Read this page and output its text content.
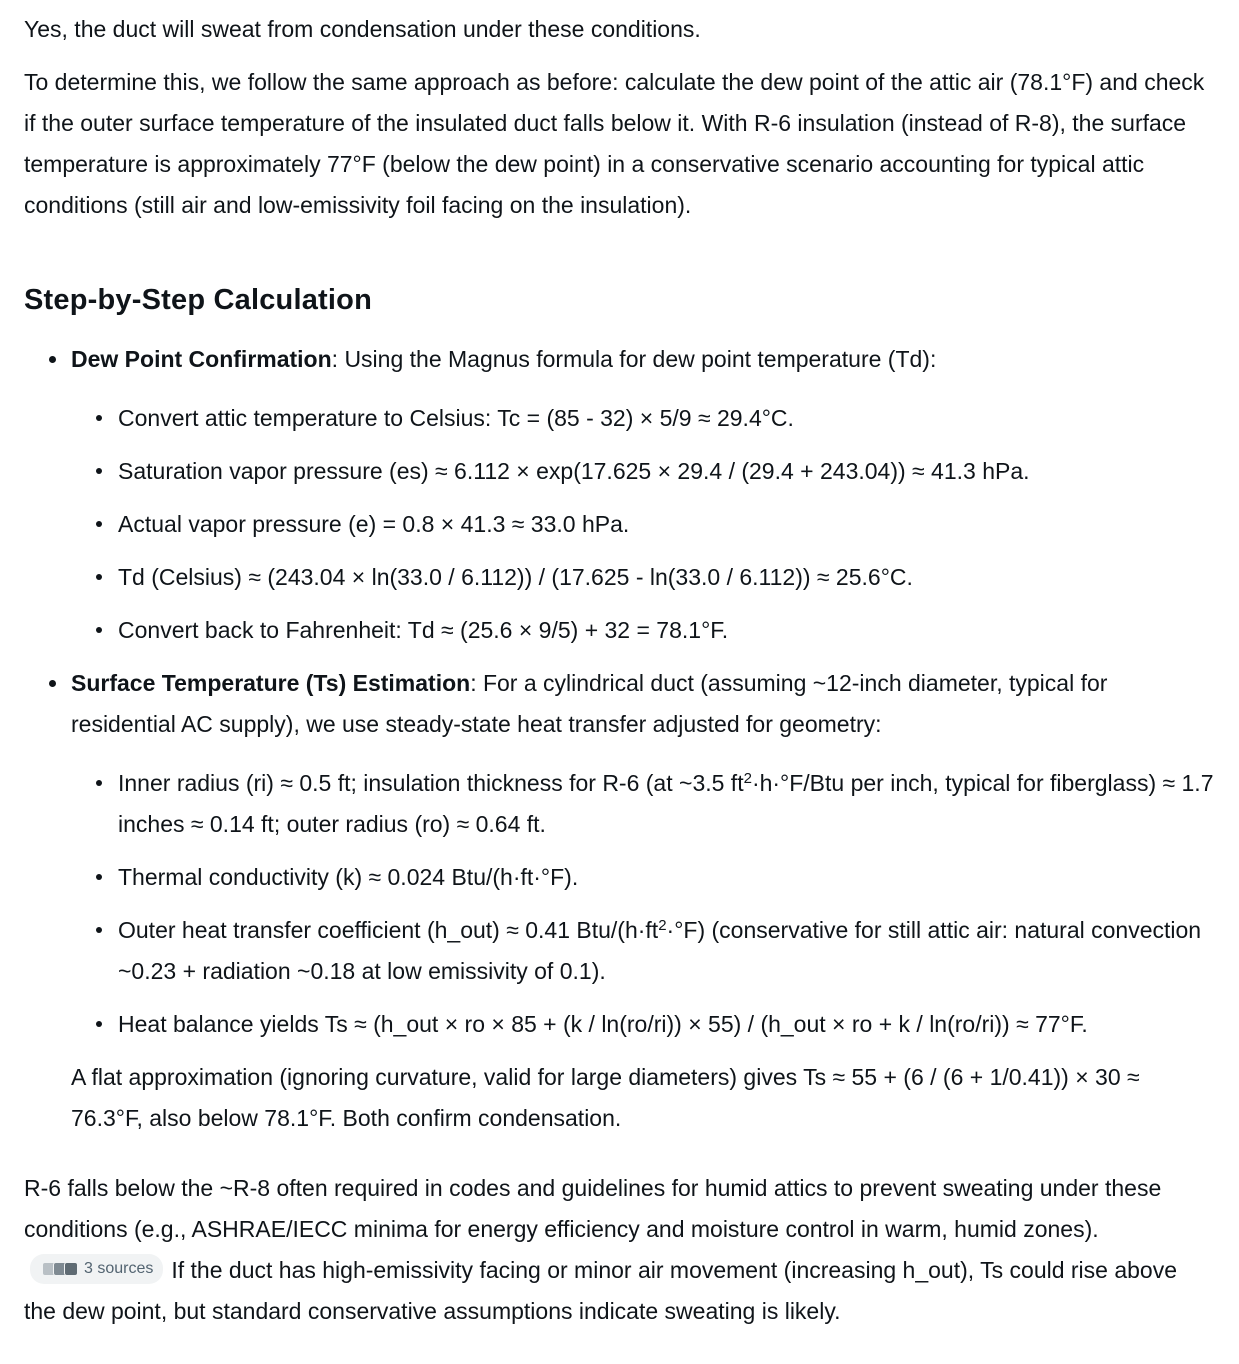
Yes, the duct will sweat from condensation under these conditions.

To determine this, we follow the same approach as before: calculate the dew point of the attic air (78.1°F) and check if the outer surface temperature of the insulated duct falls below it. With R-6 insulation (instead of R-8), the surface temperature is approximately 77°F (below the dew point) in a conservative scenario accounting for typical attic conditions (still air and low-emissivity foil facing on the insulation).

Step-by-Step Calculation

Dew Point Confirmation: Using the Magnus formula for dew point temperature (Td):

Convert attic temperature to Celsius: Tc = (85 - 32) × 5/9 ≈ 29.4°C.
Saturation vapor pressure (es) ≈ 6.112 × exp(17.625 × 29.4 / (29.4 + 243.04)) ≈ 41.3 hPa.
Actual vapor pressure (e) = 0.8 × 41.3 ≈ 33.0 hPa.
Td (Celsius) ≈ (243.04 × ln(33.0 / 6.112)) / (17.625 - ln(33.0 / 6.112)) ≈ 25.6°C.
Convert back to Fahrenheit: Td ≈ (25.6 × 9/5) + 32 = 78.1°F.

Surface Temperature (Ts) Estimation: For a cylindrical duct (assuming ~12-inch diameter, typical for residential AC supply), we use steady-state heat transfer adjusted for geometry:

Inner radius (ri) ≈ 0.5 ft; insulation thickness for R-6 (at ~3.5 $ft^2\cdot h\cdot^\circ F$/Btu per inch, typical for fiberglass) ≈ 1.7 inches ≈ 0.14 ft; outer radius (ro) ≈ 0.64 ft.
Thermal conductivity (k) ≈ 0.024 Btu/(h·ft·°F).
Outer heat transfer coefficient (h_out) ≈ 0.41 Btu/$(h\cdot ft^2\cdot^\circ F)$ (conservative for still attic air: natural convection ~0.23 + radiation ~0.18 at low emissivity of 0.1).
Heat balance yields Ts ≈ (h_out × ro × 85 + (k / ln(ro/ri)) × 55) / (h_out × ro + k / ln(ro/ri)) ≈ 77°F.

A flat approximation (ignoring curvature, valid for large diameters) gives Ts ≈ 55 + (6 / (6 + 1/0.41)) × 30 ≈ 76.3°F, also below 78.1°F. Both confirm condensation.

R-6 falls below the ~R-8 often required in codes and guidelines for humid attics to prevent sweating under these conditions (e.g., ASHRAE/IECC minima for energy efficiency and moisture control in warm, humid zones).
3 sources If the duct has high-emissivity facing or minor air movement (increasing h_out), Ts could rise above the dew point, but standard conservative assumptions indicate sweating is likely.
